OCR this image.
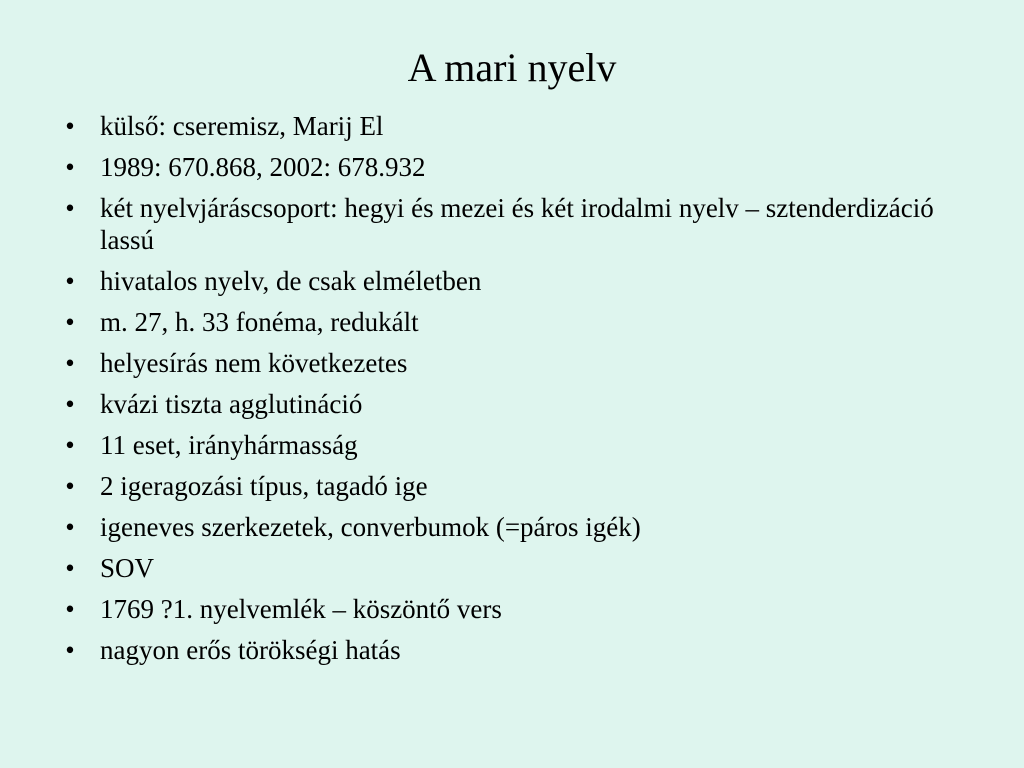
A mari nyelv
• külső: cseremisz, Marij El
• 1989: 670.868, 2002: 678.932
• két nyelvjáráscsoport: hegyi és mezei és két irodalmi nyelv – sztenderdizáció lassú
• hivatalos nyelv, de csak elméletben
• m. 27, h. 33 fonéma, redukált
• helyesírás nem következetes
• kvázi tiszta agglutináció
• 11 eset, irányhármasság
• 2 igeragozási típus, tagadó ige
• igeneves szerkezetek, converbumok (=páros igék)
• SOV
• 1769 ?1. nyelvemlék – köszöntő vers
• nagyon erős törökségi hatás
